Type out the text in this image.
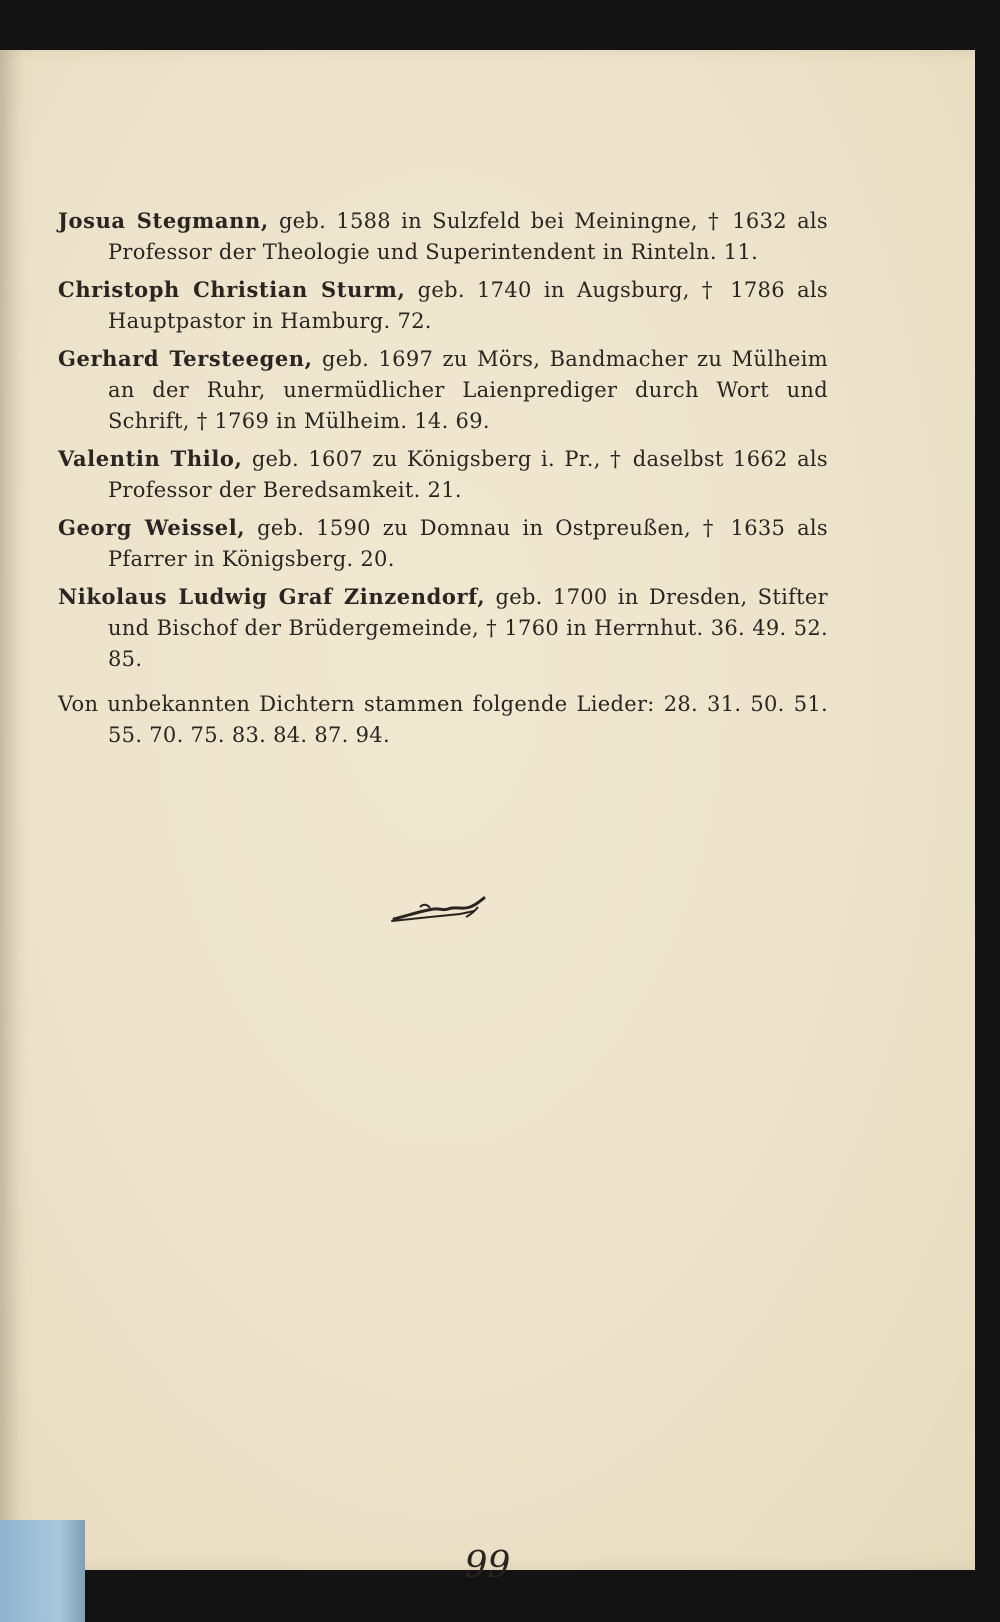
Josua Stegmann, geb. 1588 in Sulzfeld bei Meiningne, † 1632 als Professor der Theologie und Superintendent in Rinteln. 11.

Christoph Christian Sturm, geb. 1740 in Augsburg, † 1786 als Hauptpastor in Hamburg. 72.

Gerhard Tersteegen, geb. 1697 zu Mörs, Bandmacher zu Mülheim an der Ruhr, unermüdlicher Laienprediger durch Wort und Schrift, † 1769 in Mülheim. 14. 69.

Valentin Thilo, geb. 1607 zu Königsberg i. Pr., † daselbst 1662 als Professor der Beredsamkeit. 21.

Georg Weissel, geb. 1590 zu Domnau in Ostpreußen, † 1635 als Pfarrer in Königsberg. 20.

Nikolaus Ludwig Graf Zinzendorf, geb. 1700 in Dresden, Stifter und Bischof der Brüdergemeinde, † 1760 in Herrnhut. 36. 49. 52. 85.

Von unbekannten Dichtern stammen folgende Lieder: 28. 31. 50. 51. 55. 70. 75. 83. 84. 87. 94.

99
